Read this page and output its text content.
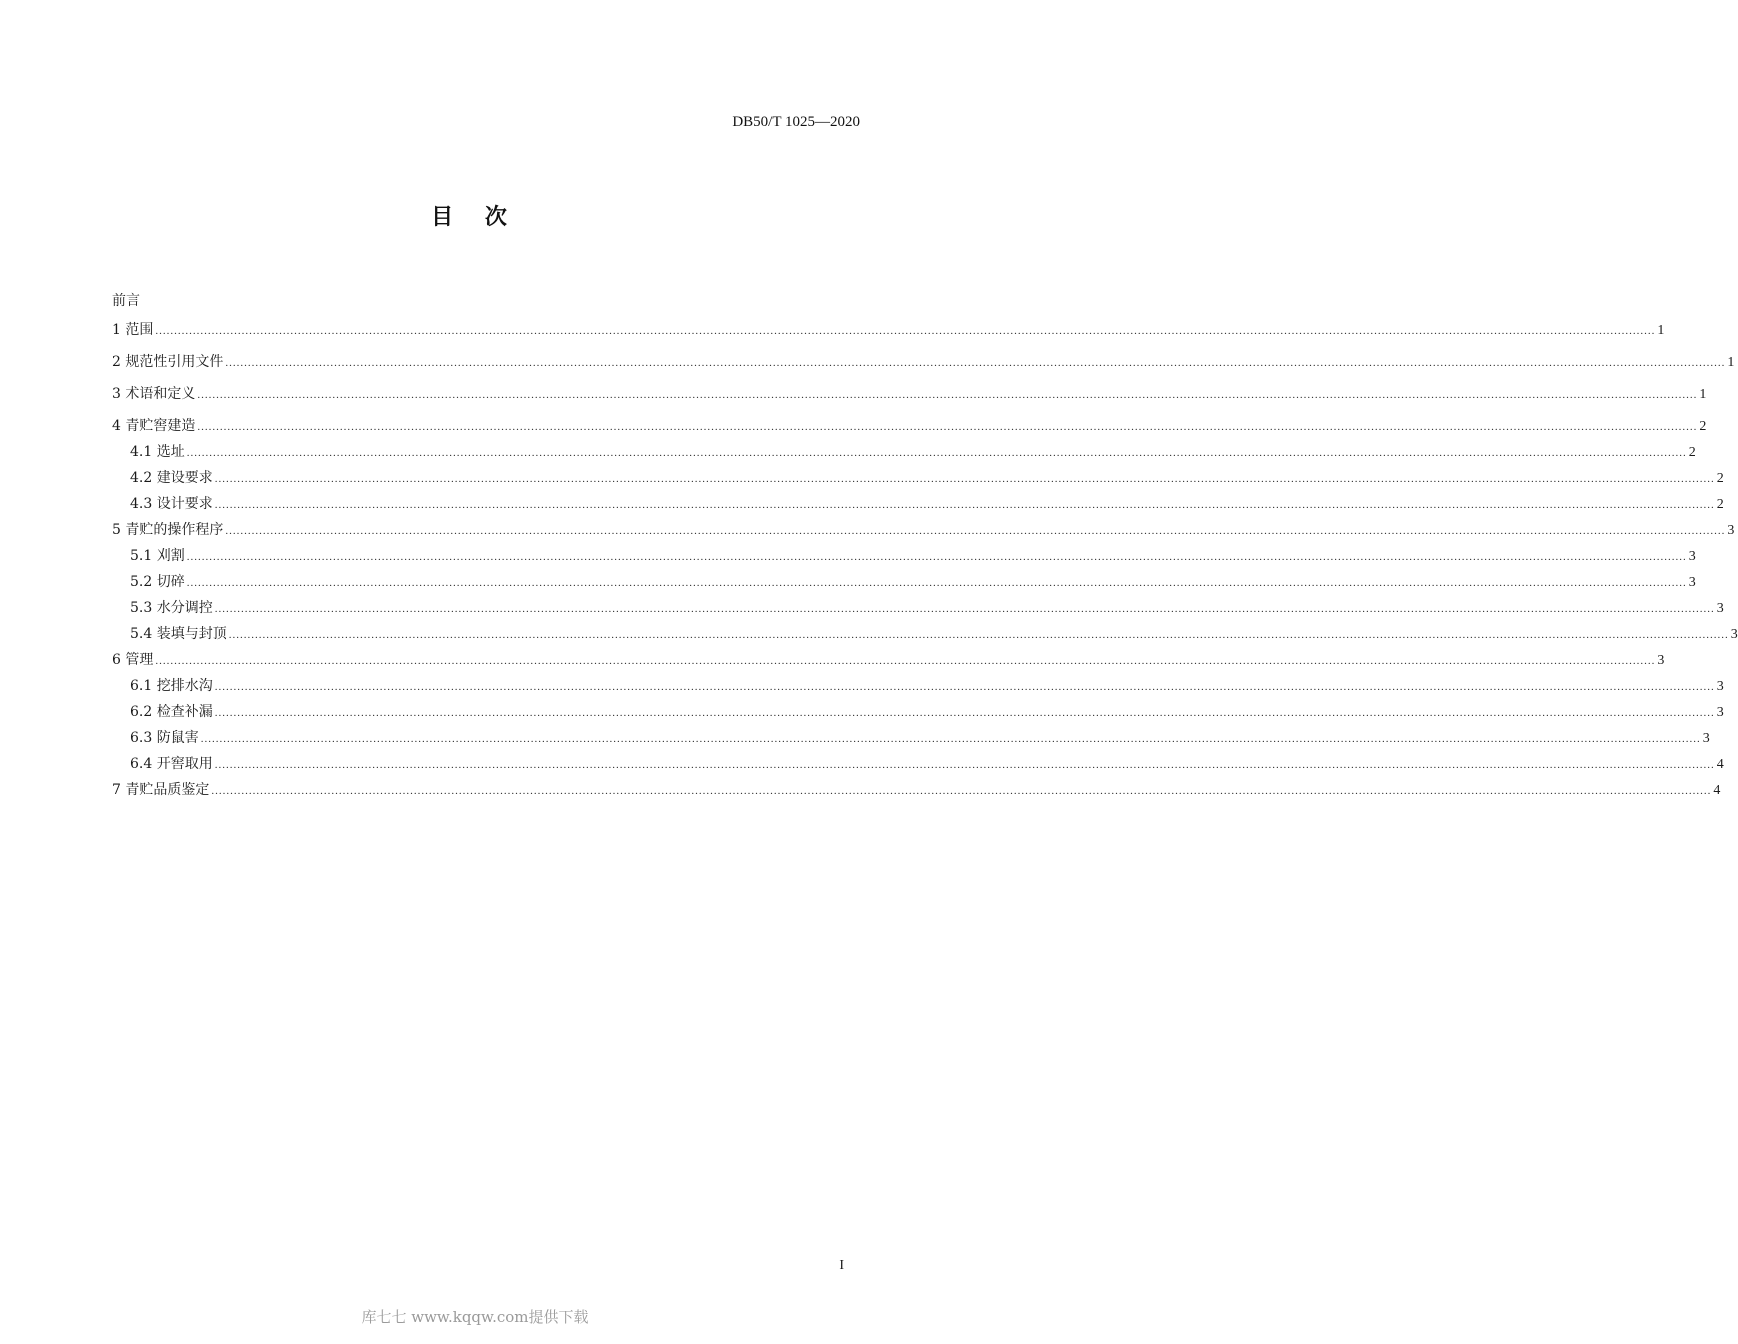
DB50/T 1025—2020
目 次
前言
1 范围 ................................................................................................................................................................................................................................................................................................................................................................................................................ 1
2 规范性引用文件 ................................................................................................................................................................................................................................................................................................................................................................................................................ 1
3 术语和定义 ................................................................................................................................................................................................................................................................................................................................................................................................................ 1
4 青贮窖建造 ................................................................................................................................................................................................................................................................................................................................................................................................................ 2
4.1 选址 ................................................................................................................................................................................................................................................................................................................................................................................................................ 2
4.2 建设要求 ................................................................................................................................................................................................................................................................................................................................................................................................................ 2
4.3 设计要求 ................................................................................................................................................................................................................................................................................................................................................................................................................ 2
5 青贮的操作程序 ................................................................................................................................................................................................................................................................................................................................................................................................................ 3
5.1 刈割 ................................................................................................................................................................................................................................................................................................................................................................................................................ 3
5.2 切碎 ................................................................................................................................................................................................................................................................................................................................................................................................................ 3
5.3 水分调控 ................................................................................................................................................................................................................................................................................................................................................................................................................ 3
5.4 装填与封顶 ................................................................................................................................................................................................................................................................................................................................................................................................................ 3
6 管理 ................................................................................................................................................................................................................................................................................................................................................................................................................ 3
6.1 挖排水沟 ................................................................................................................................................................................................................................................................................................................................................................................................................ 3
6.2 检查补漏 ................................................................................................................................................................................................................................................................................................................................................................................................................ 3
6.3 防鼠害 ................................................................................................................................................................................................................................................................................................................................................................................................................ 3
6.4 开窖取用 ................................................................................................................................................................................................................................................................................................................................................................................................................ 4
7 青贮品质鉴定 ................................................................................................................................................................................................................................................................................................................................................................................................................ 4
I
库七七 www.kqqw.com提供下载
